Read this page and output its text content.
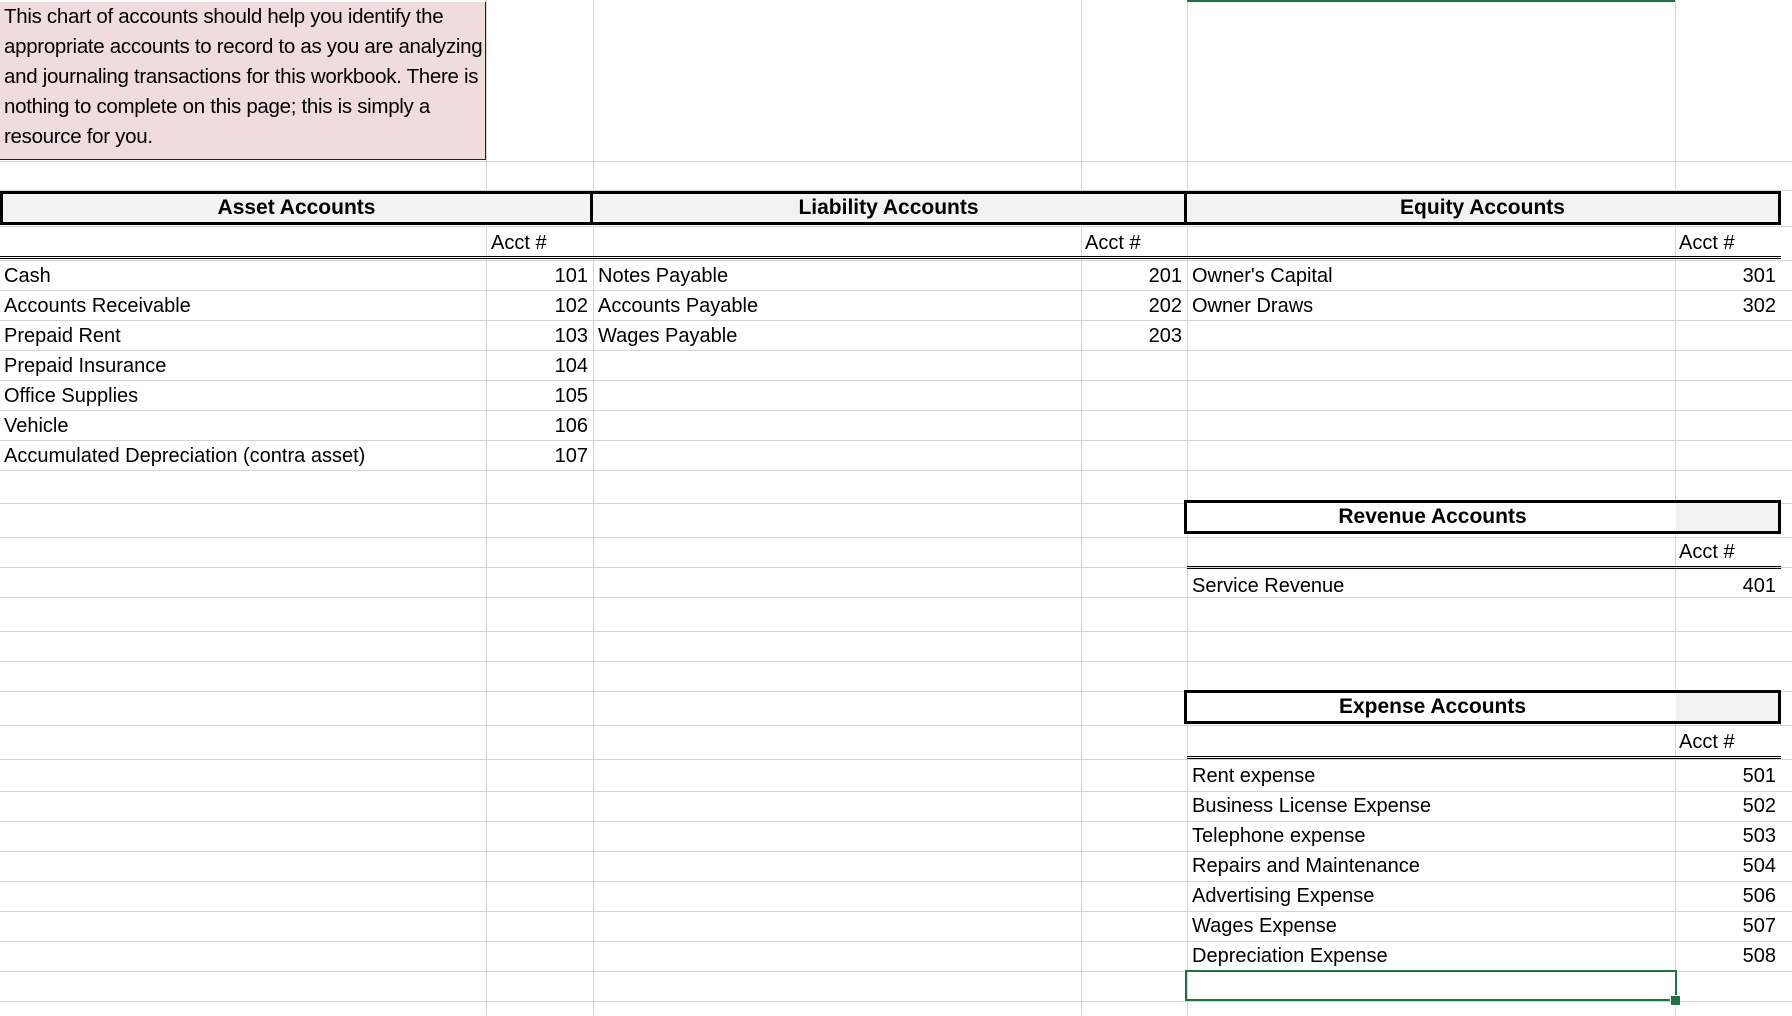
This chart of accounts should help you identify the appropriate accounts to record to as you are analyzing and journaling transactions for this workbook. There is nothing to complete on this page; this is simply a resource for you.
Asset Accounts	Liability Accounts	Equity Accounts
Acct #	Acct #	Acct #
Cash	101
Accounts Receivable	102
Prepaid Rent	103
Prepaid Insurance	104
Office Supplies	105
Vehicle	106
Accumulated Depreciation (contra asset)	107
Notes Payable	201
Accounts Payable	202
Wages Payable	203
Owner's Capital	301
Owner Draws	302
Revenue Accounts
Acct #
Service Revenue	401
Expense Accounts
Acct #
Rent expense	501
Business License Expense	502
Telephone expense	503
Repairs and Maintenance	504
Advertising Expense	506
Wages Expense	507
Depreciation Expense	508
